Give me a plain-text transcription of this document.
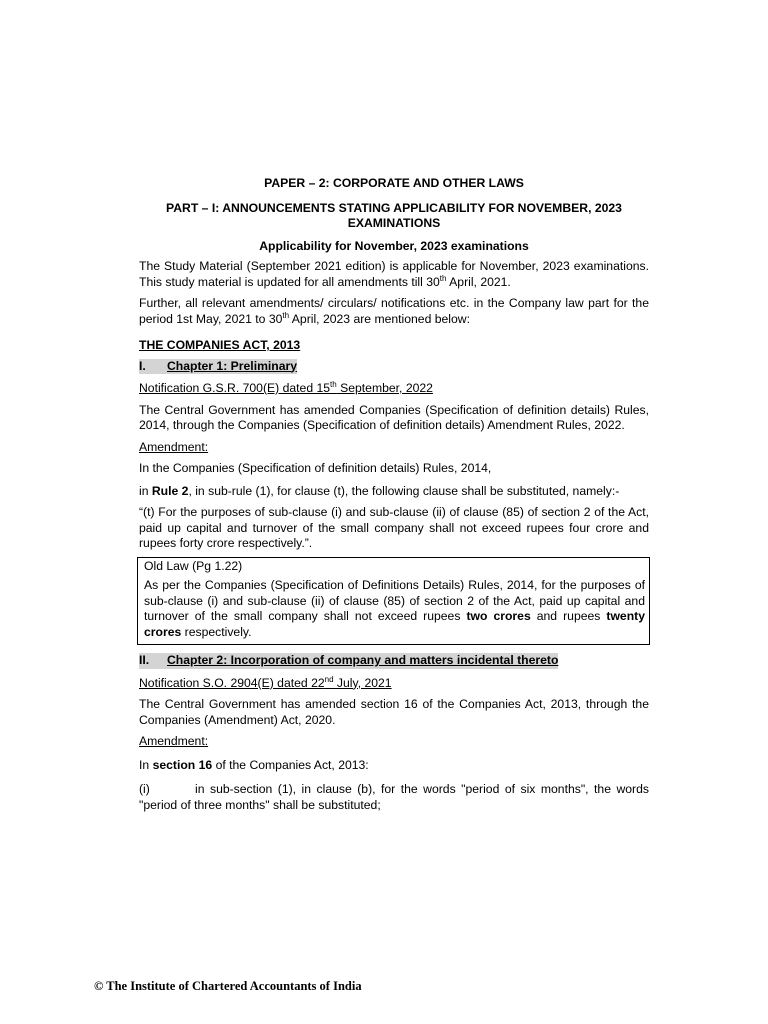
PAPER – 2: CORPORATE AND OTHER LAWS

PART – I: ANNOUNCEMENTS STATING APPLICABILITY FOR NOVEMBER, 2023 EXAMINATIONS

Applicability for November, 2023 examinations

The Study Material (September 2021 edition) is applicable for November, 2023 examinations. This study material is updated for all amendments till 30th April, 2021.

Further, all relevant amendments/ circulars/ notifications etc. in the Company law part for the period 1st May, 2021 to 30th April, 2023 are mentioned below:

THE COMPANIES ACT, 2013

I. Chapter 1: Preliminary

Notification G.S.R. 700(E) dated 15th September, 2022

The Central Government has amended Companies (Specification of definition details) Rules, 2014, through the Companies (Specification of definition details) Amendment Rules, 2022.

Amendment:

In the Companies (Specification of definition details) Rules, 2014,

in Rule 2, in sub-rule (1), for clause (t), the following clause shall be substituted, namely:-

“(t) For the purposes of sub-clause (i) and sub-clause (ii) of clause (85) of section 2 of the Act, paid up capital and turnover of the small company shall not exceed rupees four crore and rupees forty crore respectively.”.

Old Law (Pg 1.22)

As per the Companies (Specification of Definitions Details) Rules, 2014, for the purposes of sub-clause (i) and sub-clause (ii) of clause (85) of section 2 of the Act, paid up capital and turnover of the small company shall not exceed rupees two crores and rupees twenty crores respectively.

II. Chapter 2: Incorporation of company and matters incidental thereto

Notification S.O. 2904(E) dated 22nd July, 2021

The Central Government has amended section 16 of the Companies Act, 2013, through the Companies (Amendment) Act, 2020.

Amendment:

In section 16 of the Companies Act, 2013:

(i)	in sub-section (1), in clause (b), for the words "period of six months", the words "period of three months" shall be substituted;
© The Institute of Chartered Accountants of India
